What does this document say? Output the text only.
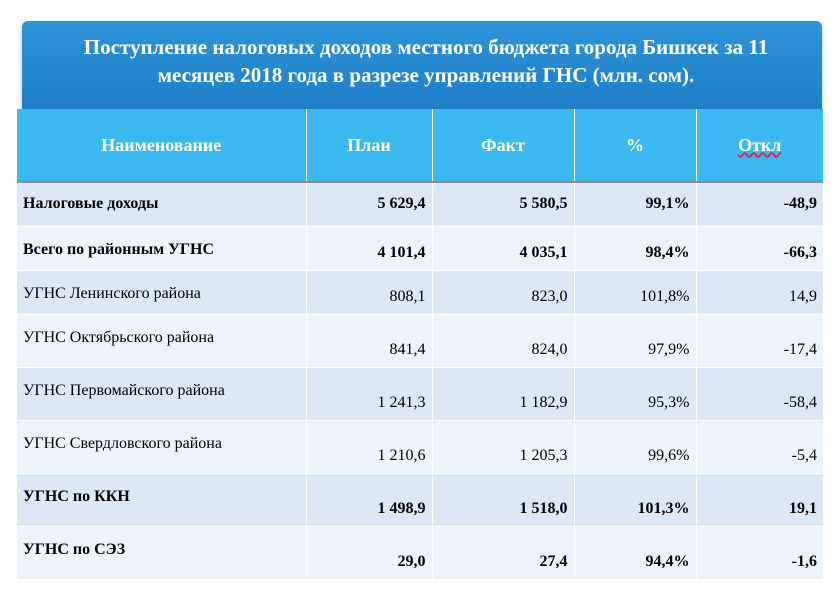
Поступление налоговых доходов местного бюджета города Бишкек за 11
месяцев 2018 года в разрезе управлений ГНС (млн. сом).
Наименование	План	Факт	%	Откл
Налоговые доходы	5 629,4	5 580,5	99,1%	-48,9
Всего по районным УГНС	4 101,4	4 035,1	98,4%	-66,3
УГНС Ленинского района	808,1	823,0	101,8%	14,9
УГНС Октябрьского района	841,4	824,0	97,9%	-17,4
УГНС Первомайского района	1 241,3	1 182,9	95,3%	-58,4
УГНС Свердловского района	1 210,6	1 205,3	99,6%	-5,4
УГНС по ККН	1 498,9	1 518,0	101,3%	19,1
УГНС по СЭЗ	29,0	27,4	94,4%	-1,6
